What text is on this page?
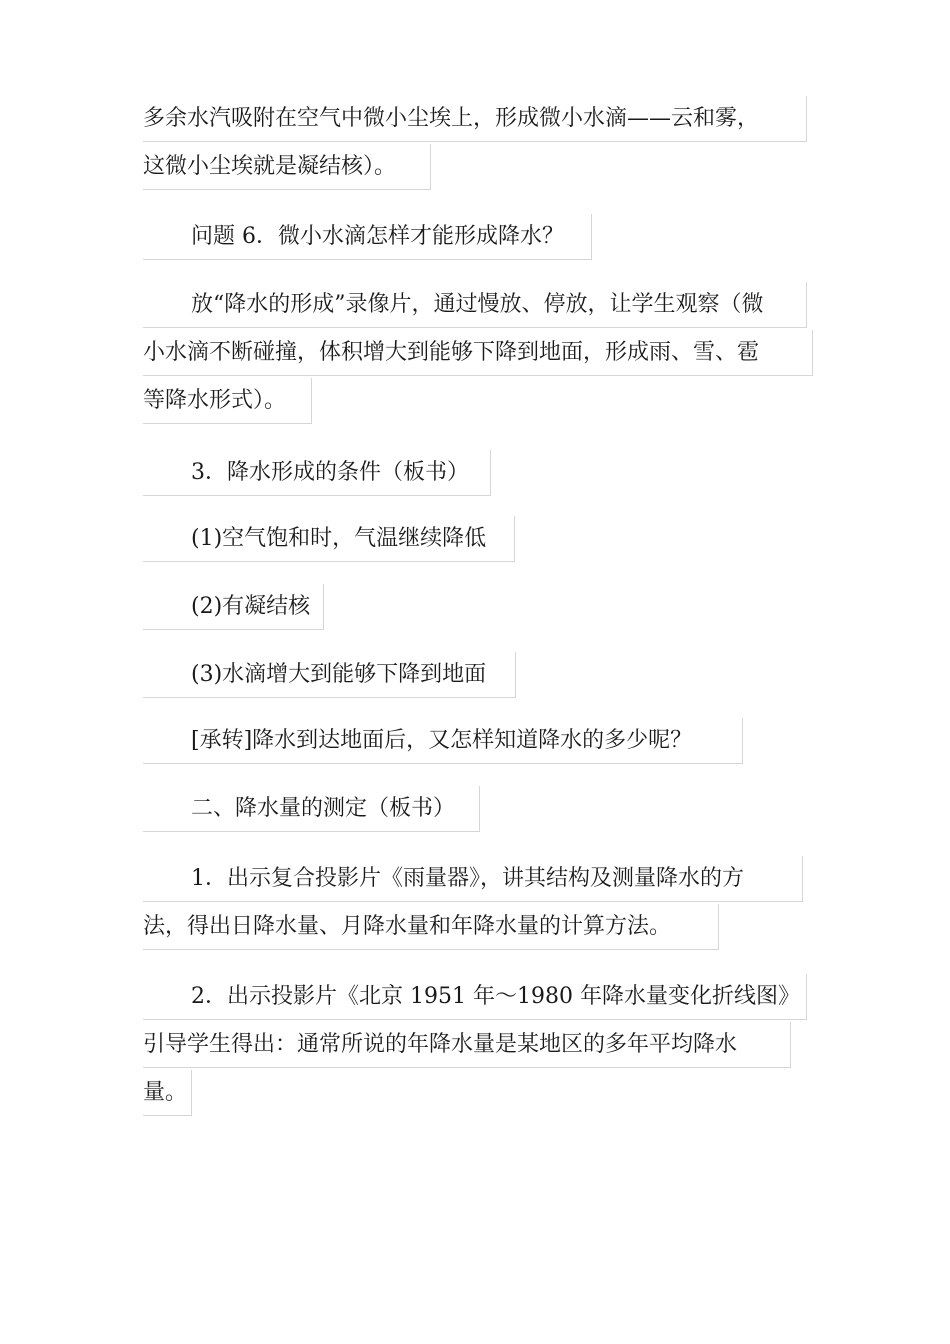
多余水汽吸附在空气中微小尘埃上，形成微小水滴——云和雾，
这微小尘埃就是凝结核）。
问题 6．微小水滴怎样才能形成降水？
放“降水的形成”录像片，通过慢放、停放，让学生观察（微
小水滴不断碰撞，体积增大到能够下降到地面，形成雨、雪、雹
等降水形式）。
3．降水形成的条件（板书）
(1)空气饱和时，气温继续降低
(2)有凝结核
(3)水滴增大到能够下降到地面
[承转]降水到达地面后，又怎样知道降水的多少呢？
二、降水量的测定（板书）
1．出示复合投影片《雨量器》，讲其结构及测量降水的方
法，得出日降水量、月降水量和年降水量的计算方法。
2．出示投影片《北京 1951 年～1980 年降水量变化折线图》
引导学生得出：通常所说的年降水量是某地区的多年平均降水
量。
